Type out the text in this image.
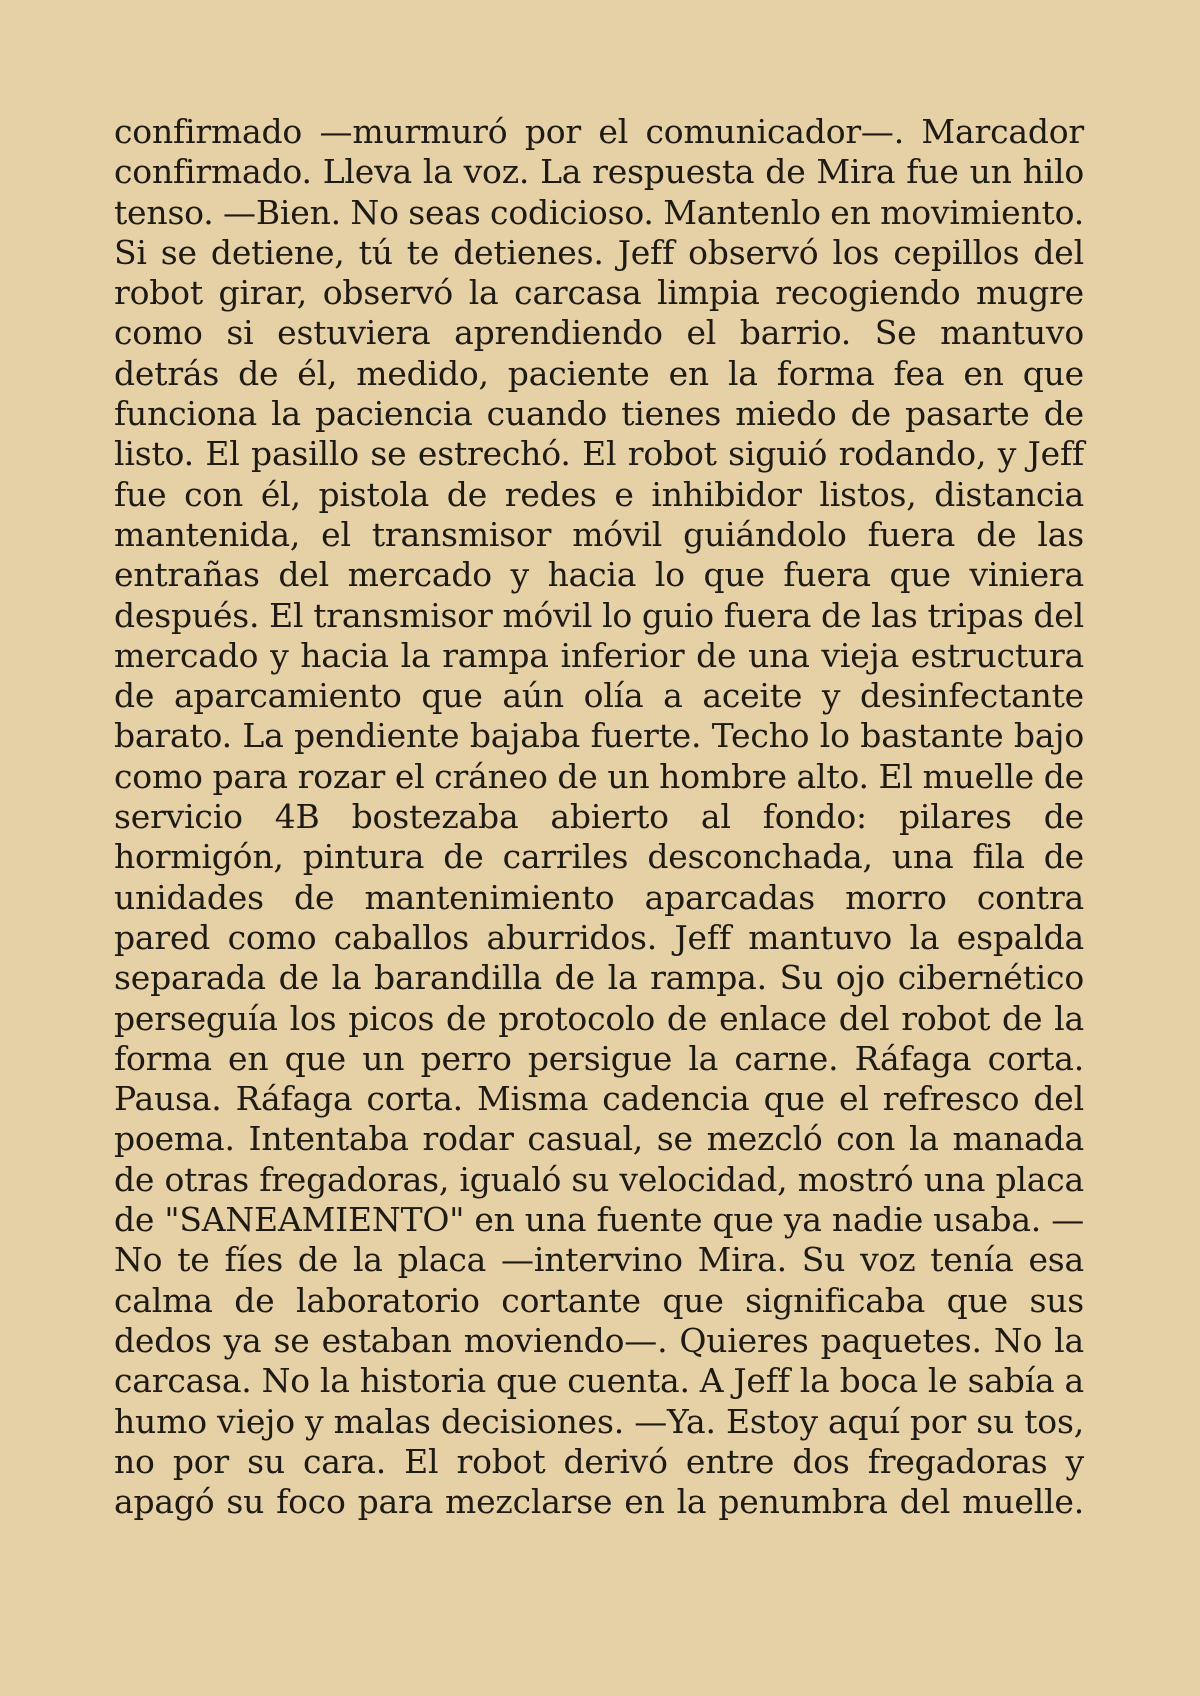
confirmado —murmuró por el comunicador—. Marcador confirmado. Lleva la voz. La respuesta de Mira fue un hilo tenso. —Bien. No seas codicioso. Mantenlo en movimiento. Si se detiene, tú te detienes. Jeff observó los cepillos del robot girar, observó la carcasa limpia recogiendo mugre como si estuviera aprendiendo el barrio. Se mantuvo detrás de él, medido, paciente en la forma fea en que funciona la paciencia cuando tienes miedo de pasarte de listo. El pasillo se estrechó. El robot siguió rodando, y Jeff fue con él, pistola de redes e inhibidor listos, distancia mantenida, el transmisor móvil guiándolo fuera de las entrañas del mercado y hacia lo que fuera que viniera después. El transmisor móvil lo guio fuera de las tripas del mercado y hacia la rampa inferior de una vieja estructura de aparcamiento que aún olía a aceite y desinfectante barato. La pendiente bajaba fuerte. Techo lo bastante bajo como para rozar el cráneo de un hombre alto. El muelle de servicio 4B bostezaba abierto al fondo: pilares de hormigón, pintura de carriles desconchada, una fila de unidades de mantenimiento aparcadas morro contra pared como caballos aburridos. Jeff mantuvo la espalda separada de la barandilla de la rampa. Su ojo cibernético perseguía los picos de protocolo de enlace del robot de la forma en que un perro persigue la carne. Ráfaga corta. Pausa. Ráfaga corta. Misma cadencia que el refresco del poema. Intentaba rodar casual, se mezcló con la manada de otras fregadoras, igualó su velocidad, mostró una placa de "SANEAMIENTO" en una fuente que ya nadie usaba. —No te fíes de la placa —intervino Mira. Su voz tenía esa calma de laboratorio cortante que significaba que sus dedos ya se estaban moviendo—. Quieres paquetes. No la carcasa. No la historia que cuenta. A Jeff la boca le sabía a humo viejo y malas decisiones. —Ya. Estoy aquí por su tos, no por su cara. El robot derivó entre dos fregadoras y apagó su foco para mezclarse en la penumbra del muelle.
